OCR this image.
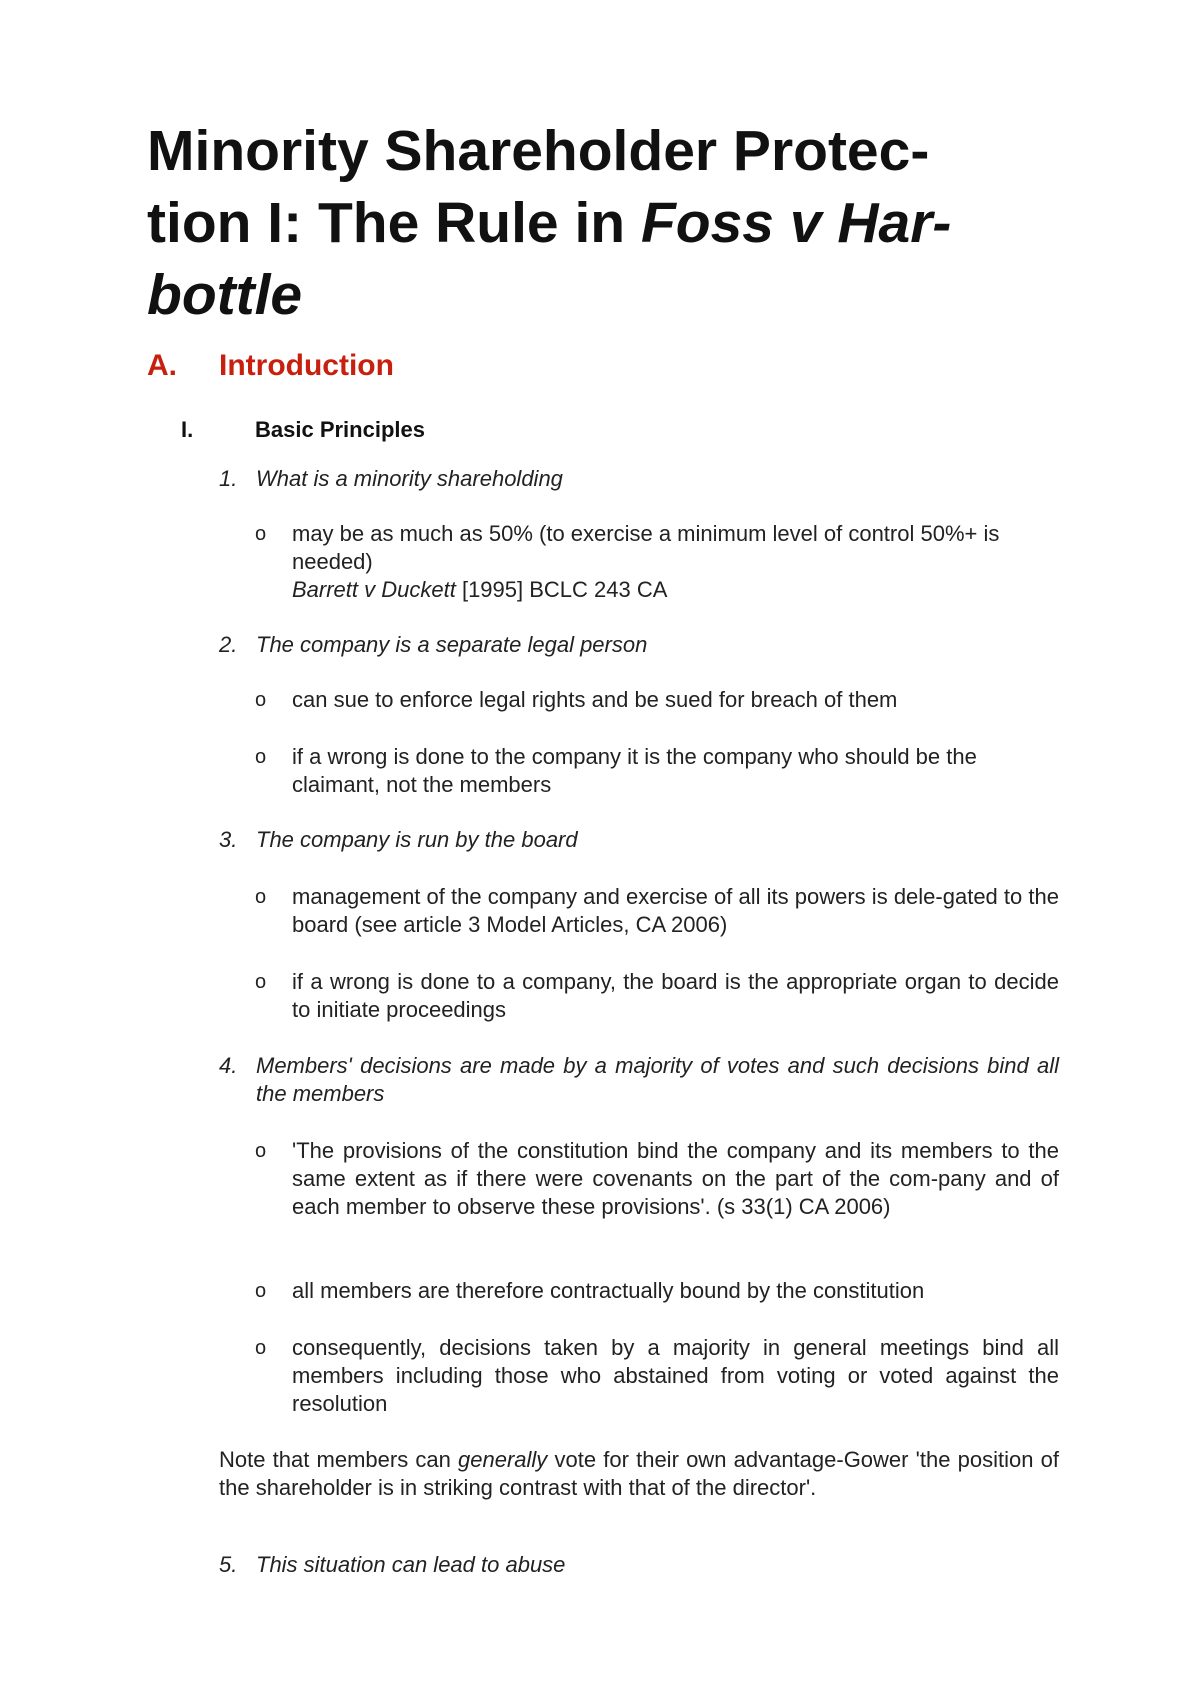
Minority Shareholder Protec-
tion I: The Rule in Foss v Har-
bottle
A. Introduction
I.	Basic Principles
1. What is a minority shareholding
o may be as much as 50% (to exercise a minimum level of control 50%+ is needed)
Barrett v Duckett [1995] BCLC 243 CA
2. The company is a separate legal person
o can sue to enforce legal rights and be sued for breach of them
o if a wrong is done to the company it is the company who should be the claimant, not the members
3. The company is run by the board
o management of the company and exercise of all its powers is dele-gated to the board (see article 3 Model Articles, CA 2006)
o if a wrong is done to a company, the board is the appropriate organ to decide to initiate proceedings
4. Members' decisions are made by a majority of votes and such decisions bind all the members
o 'The provisions of the constitution bind the company and its members to the same extent as if there were covenants on the part of the com-pany and of each member to observe these provisions'. (s 33(1) CA 2006)
o all members are therefore contractually bound by the constitution
o consequently, decisions taken by a majority in general meetings bind all members including those who abstained from voting or voted against the resolution

Note that members can generally vote for their own advantage-Gower 'the position of the shareholder is in striking contrast with that of the director'.

5. This situation can lead to abuse
